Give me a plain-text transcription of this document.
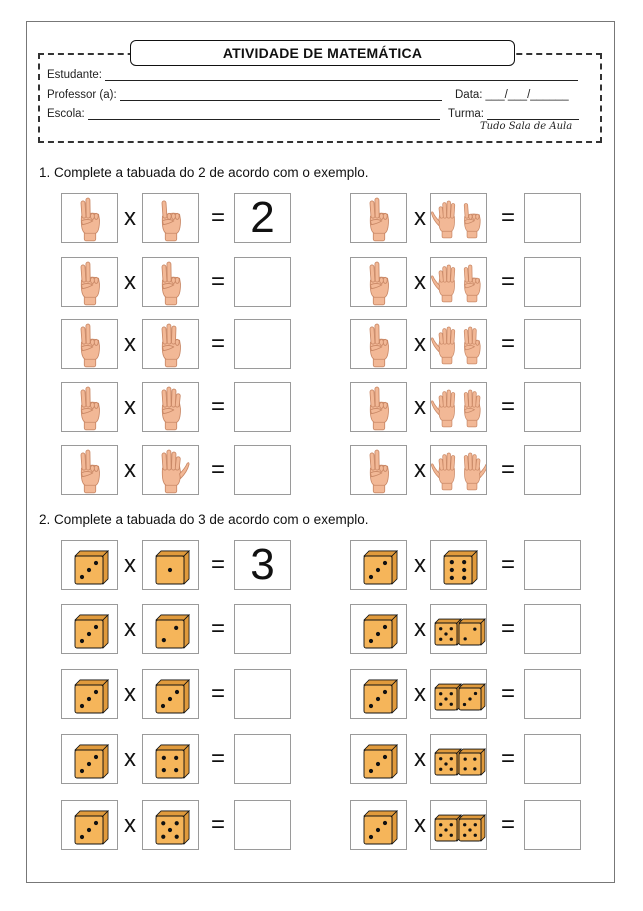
ATIVIDADE DE MATEMÁTICA
Estudante:
Professor (a):	Data: ___/___/______
Escola:	Turma:
Tudo Sala de Aula
1. Complete a tabuada do 2 de acordo com o exemplo.
2. Complete a tabuada do 3 de acordo com o exemplo.
x	= 2
x	=
x	=
x	=
x	=
x	=
x	=
x	=
x	=
x	=
x	= 3
x	=
x	=
x	=
x	=
x	=
x	=
x	=
x	=
x	=
